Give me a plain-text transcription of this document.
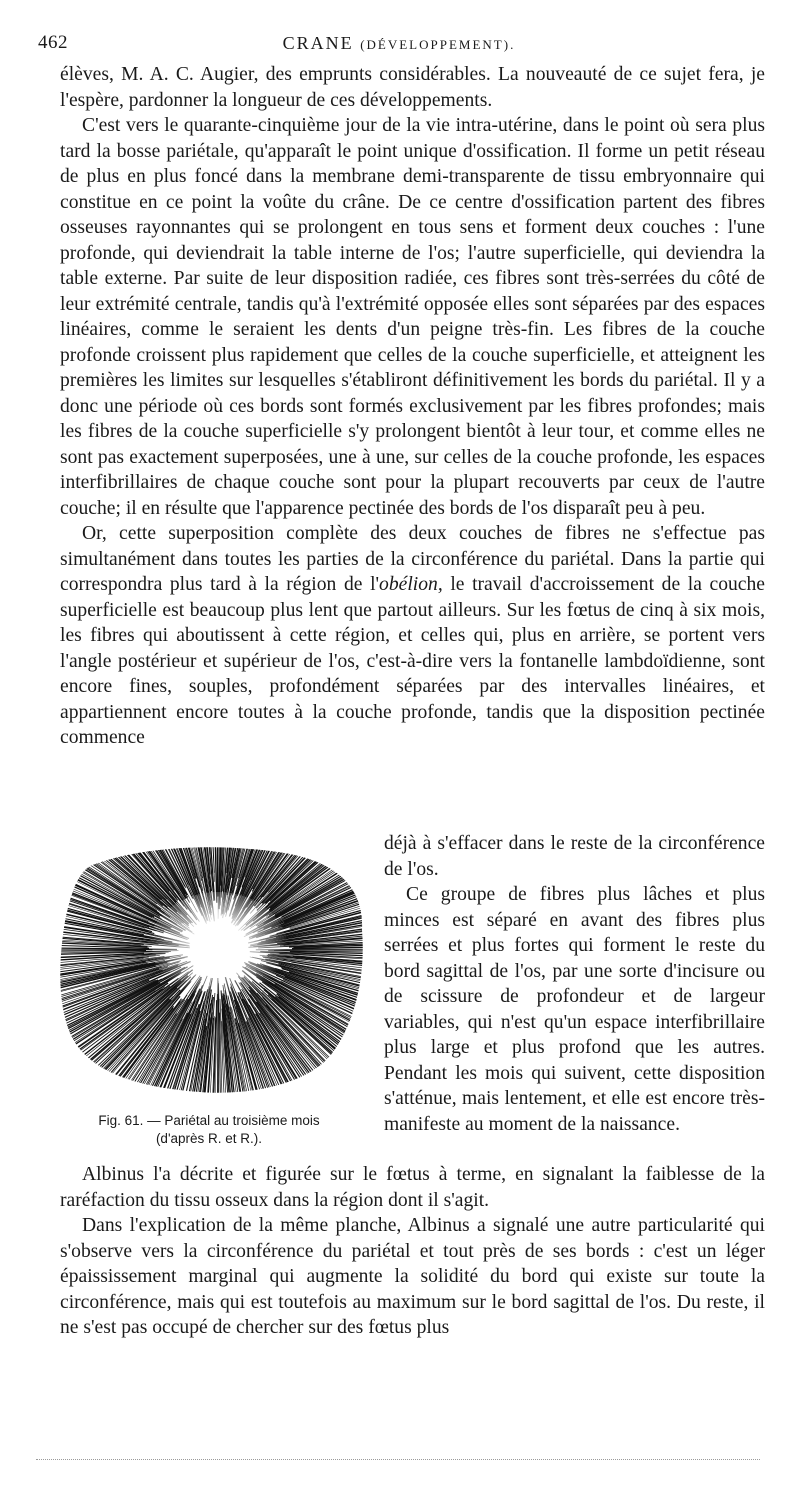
462	CRANE (DÉVELOPPEMENT).

élèves, M. A. C. Augier, des emprunts considérables. La nouveauté de ce sujet fera, je l'espère, pardonner la longueur de ces développements.

C'est vers le quarante-cinquième jour de la vie intra-utérine, dans le point où sera plus tard la bosse pariétale, qu'apparaît le point unique d'ossification. Il forme un petit réseau de plus en plus foncé dans la membrane demi-transparente de tissu embryonnaire qui constitue en ce point la voûte du crâne. De ce centre d'ossification partent des fibres osseuses rayonnantes qui se prolongent en tous sens et forment deux couches : l'une profonde, qui deviendrait la table interne de l'os; l'autre superficielle, qui deviendra la table externe. Par suite de leur disposition radiée, ces fibres sont très-serrées du côté de leur extrémité centrale, tandis qu'à l'extrémité opposée elles sont séparées par des espaces linéaires, comme le seraient les dents d'un peigne très-fin. Les fibres de la couche profonde croissent plus rapidement que celles de la couche superficielle, et atteignent les premières les limites sur lesquelles s'établiront définitivement les bords du pariétal. Il y a donc une période où ces bords sont formés exclusivement par les fibres profondes; mais les fibres de la couche superficielle s'y prolongent bientôt à leur tour, et comme elles ne sont pas exactement superposées, une à une, sur celles de la couche profonde, les espaces interfibrillaires de chaque couche sont pour la plupart recouverts par ceux de l'autre couche; il en résulte que l'apparence pectinée des bords de l'os disparaît peu à peu.

Or, cette superposition complète des deux couches de fibres ne s'effectue pas simultanément dans toutes les parties de la circonférence du pariétal. Dans la partie qui correspondra plus tard à la région de l'obélion, le travail d'accroissement de la couche superficielle est beaucoup plus lent que partout ailleurs. Sur les fœtus de cinq à six mois, les fibres qui aboutissent à cette région, et celles qui, plus en arrière, se portent vers l'angle postérieur et supérieur de l'os, c'est-à-dire vers la fontanelle lambdoïdienne, sont encore fines, souples, profondément séparées par des intervalles linéaires, et appartiennent encore toutes à la couche profonde, tandis que la disposition pectinée commence

déjà à s'effacer dans le reste de la circonférence de l'os.

Ce groupe de fibres plus lâches et plus minces est séparé en avant des fibres plus serrées et plus fortes qui forment le reste du bord sagittal de l'os, par une sorte d'incisure ou de scissure de profondeur et de largeur variables, qui n'est qu'un espace interfibrillaire plus large et plus profond que les autres. Pendant les mois qui suivent, cette disposition s'atténue, mais lentement, et elle est encore très-manifeste au moment de la naissance.

Fig. 61. — Pariétal au troisième mois
(d'après R. et R.).

Albinus l'a décrite et figurée sur le fœtus à terme, en signalant la faiblesse de la raréfaction du tissu osseux dans la région dont il s'agit.

Dans l'explication de la même planche, Albinus a signalé une autre particularité qui s'observe vers la circonférence du pariétal et tout près de ses bords : c'est un léger épaississement marginal qui augmente la solidité du bord qui existe sur toute la circonférence, mais qui est toutefois au maximum sur le bord sagittal de l'os. Du reste, il ne s'est pas occupé de chercher sur des fœtus plus
